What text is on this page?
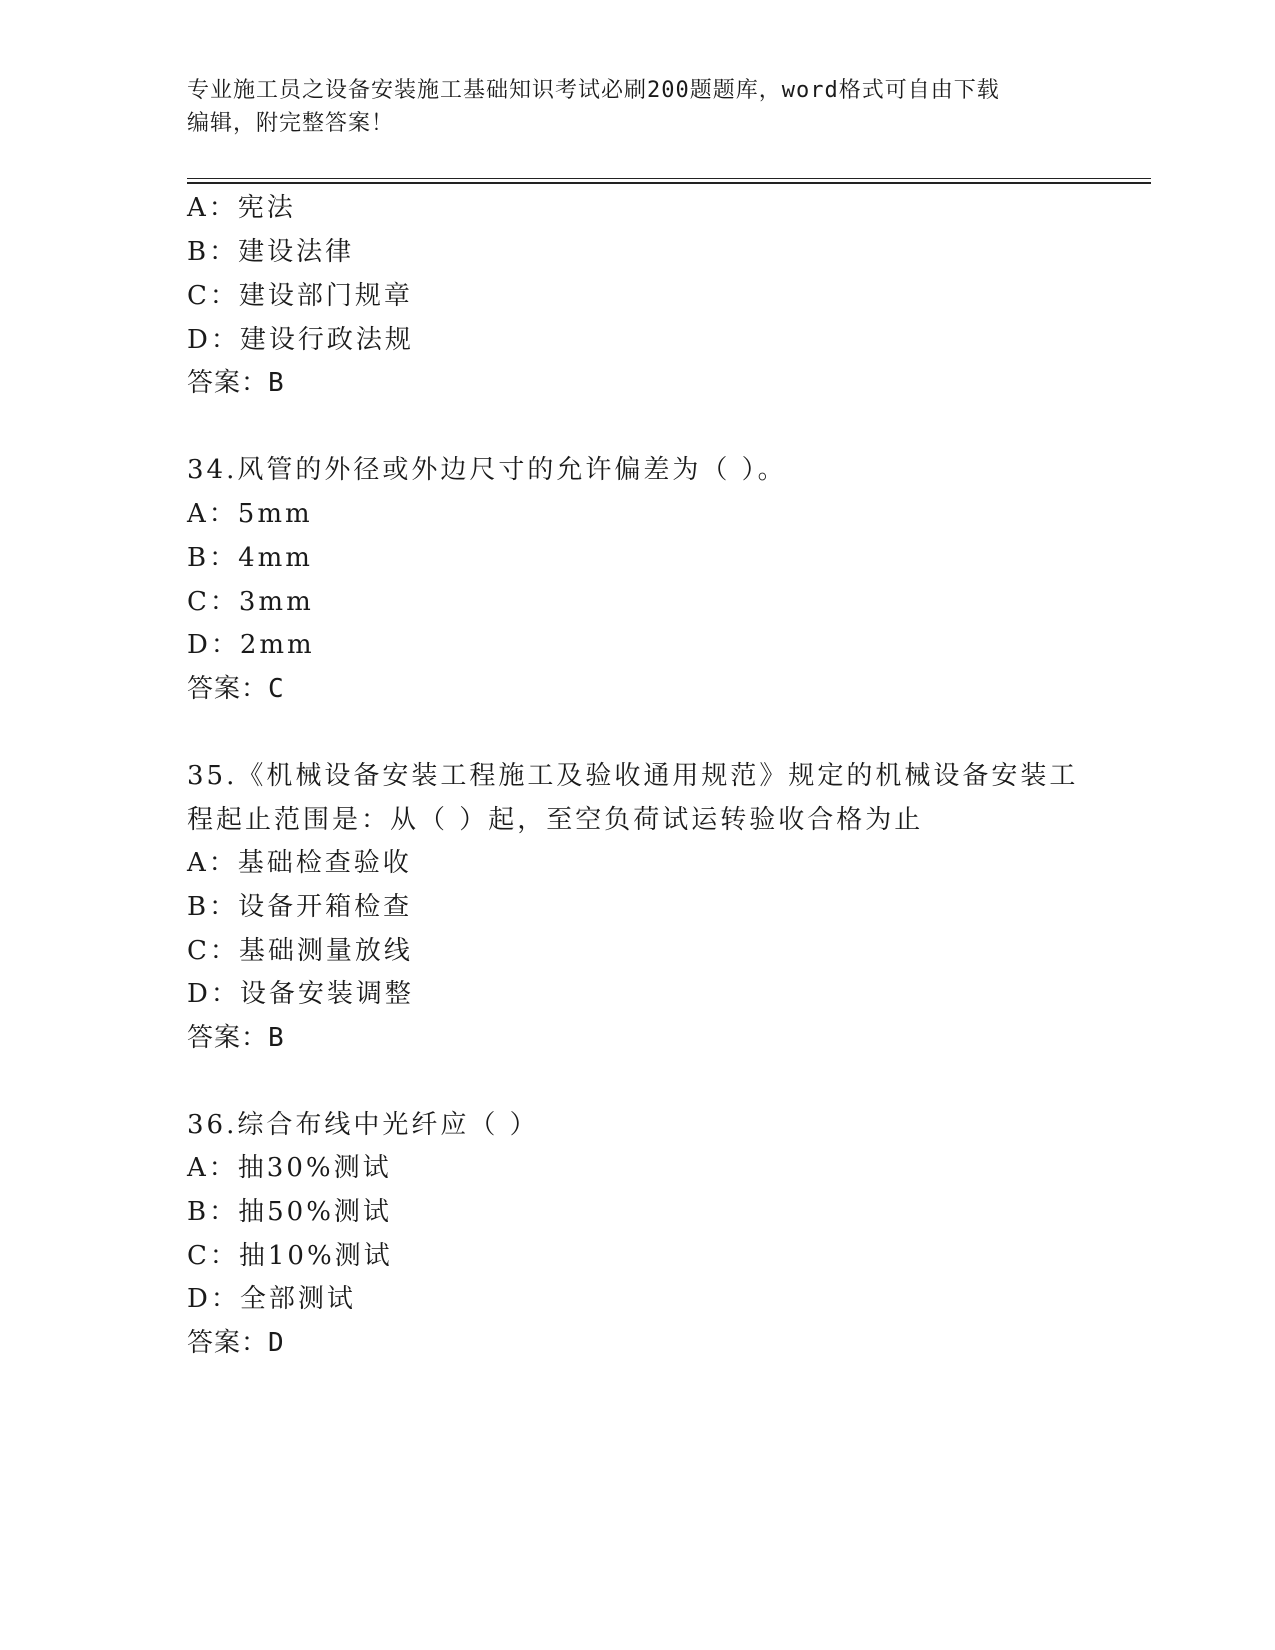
专业施工员之设备安装施工基础知识考试必刷200题题库，word格式可自由下载
编辑，附完整答案！
A：宪法
B：建设法律
C：建设部门规章
D：建设行政法规
答案：B
34.风管的外径或外边尺寸的允许偏差为（ ）。
A：5mm
B：4mm
C：3mm
D：2mm
答案：C
35.《机械设备安装工程施工及验收通用规范》规定的机械设备安装工
程起止范围是：从（ ）起，至空负荷试运转验收合格为止
A：基础检查验收
B：设备开箱检查
C：基础测量放线
D：设备安装调整
答案：B
36.综合布线中光纤应（ ）
A：抽30%测试
B：抽50%测试
C：抽10%测试
D：全部测试
答案：D
